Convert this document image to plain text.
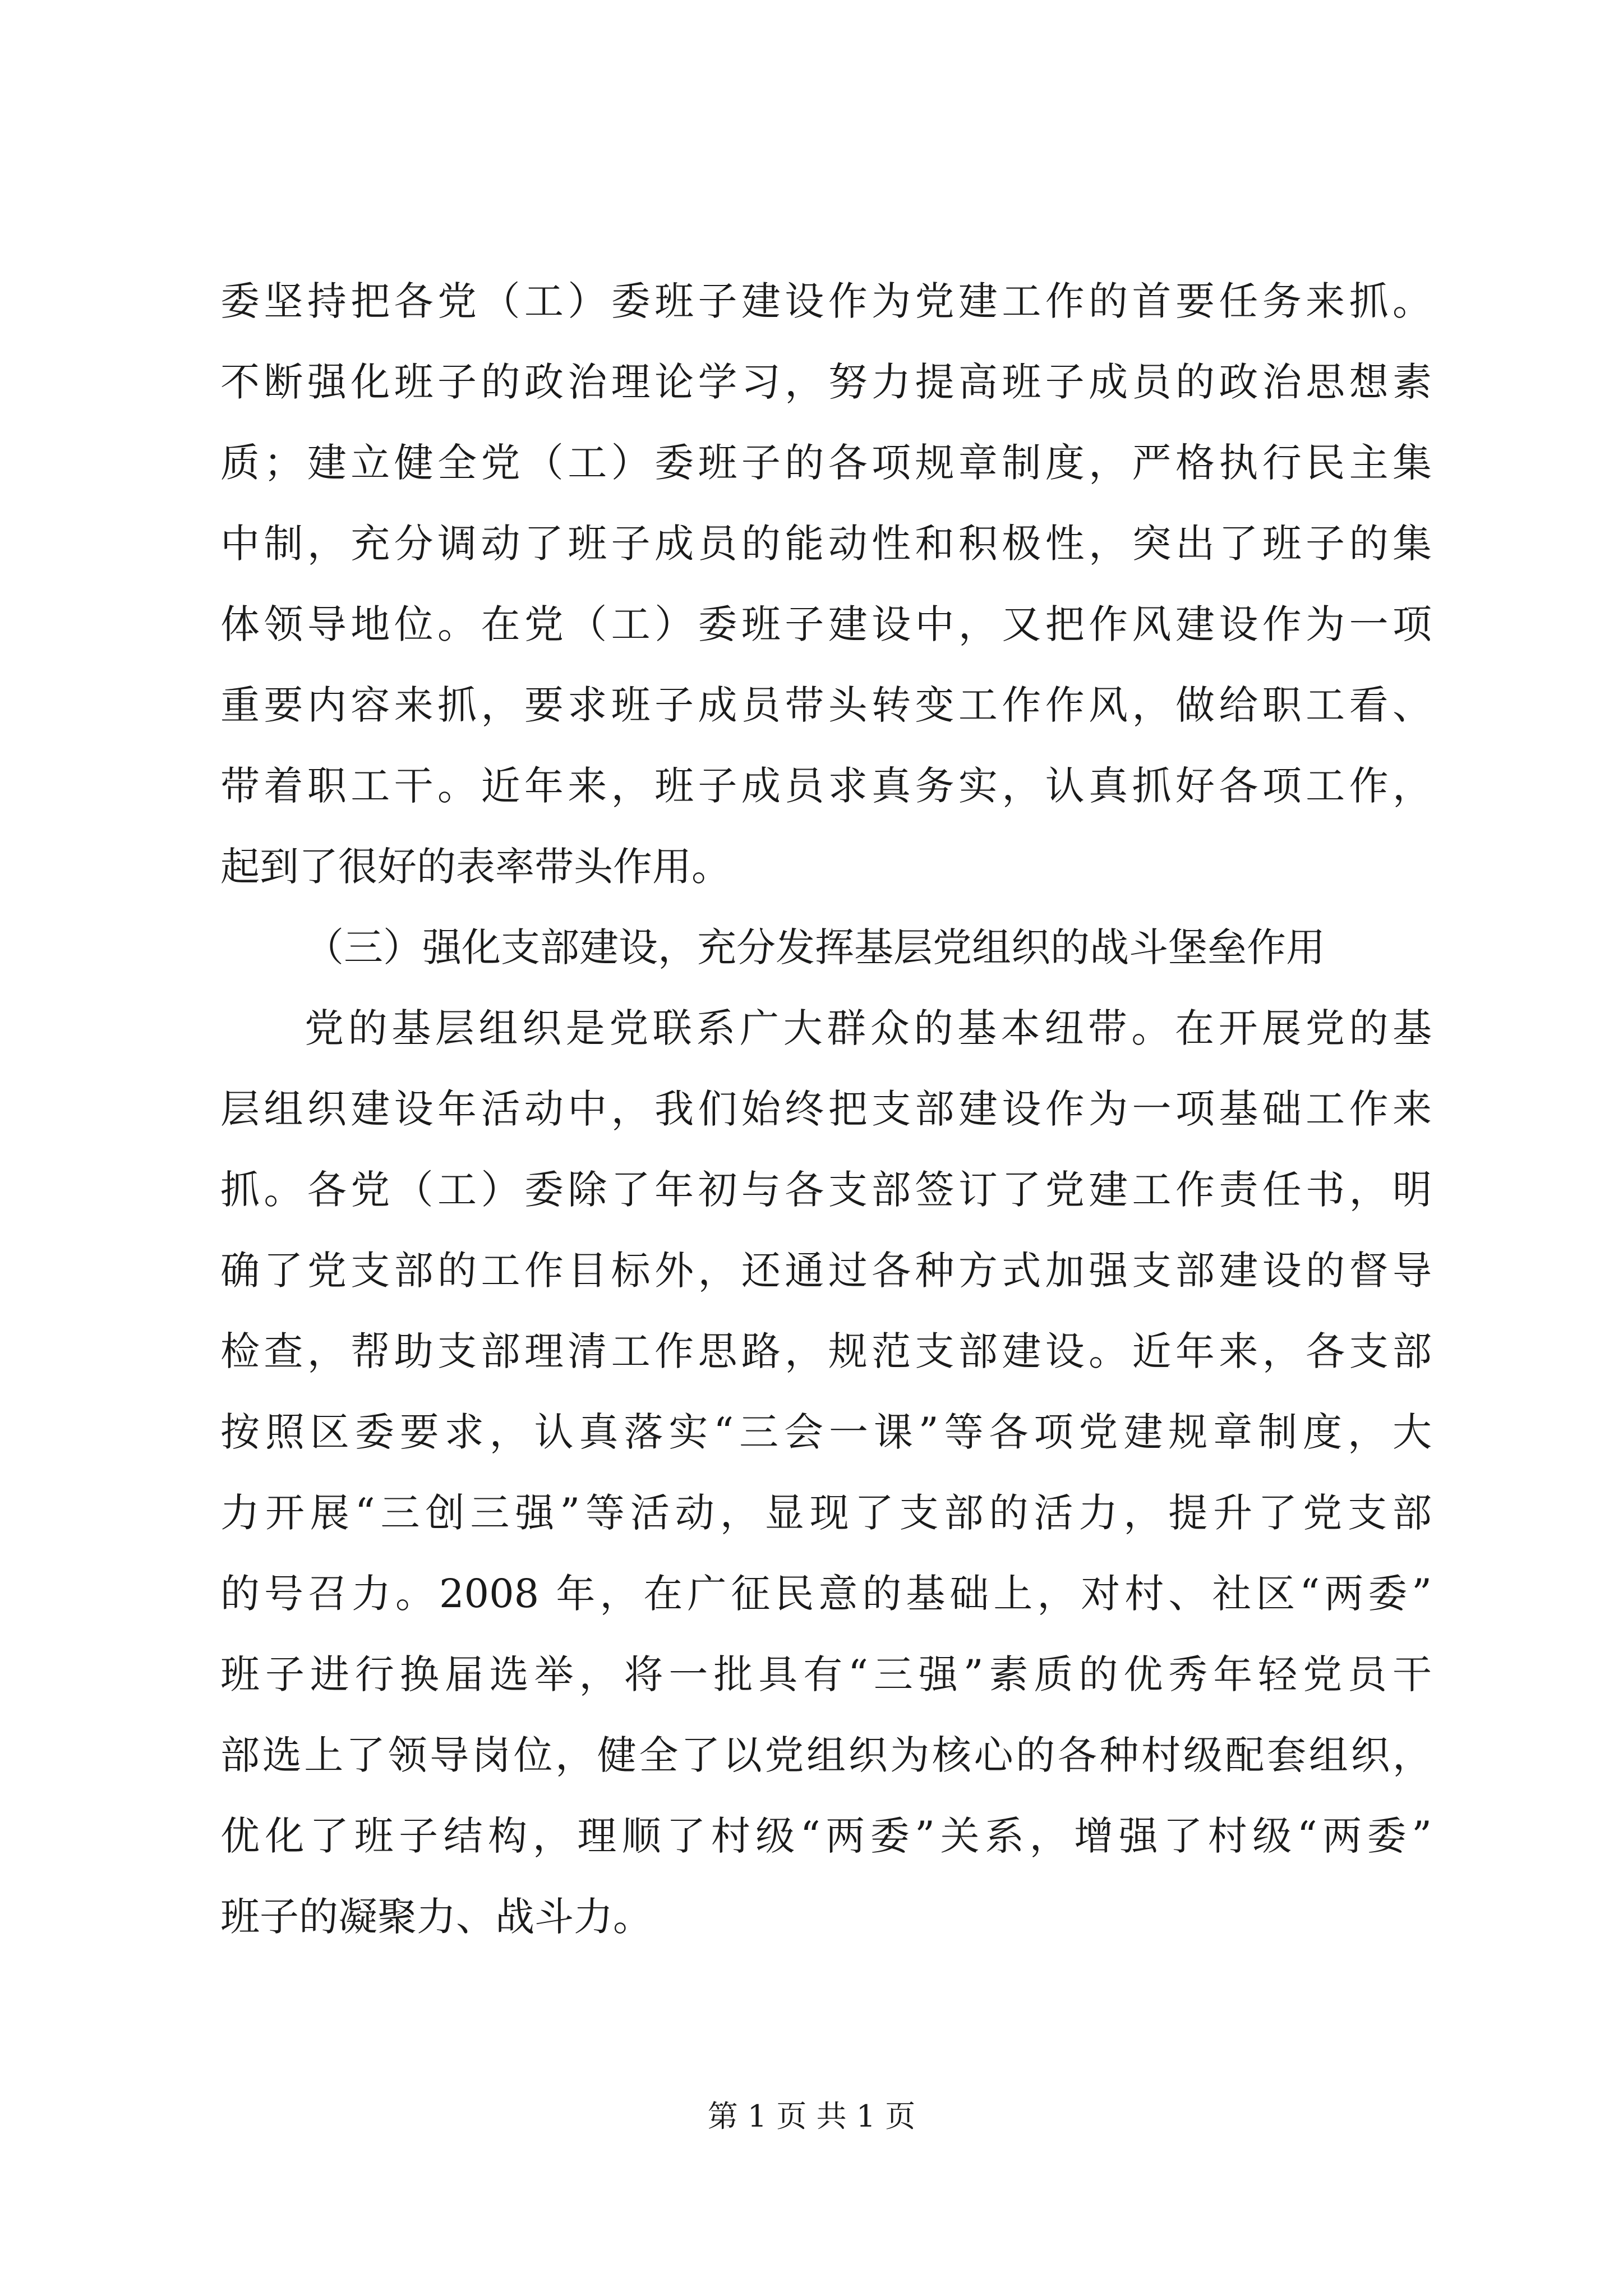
委坚持把各党（工）委班子建设作为党建工作的首要任务来抓。
不断强化班子的政治理论学习，努力提高班子成员的政治思想素
质；建立健全党（工）委班子的各项规章制度，严格执行民主集
中制，充分调动了班子成员的能动性和积极性，突出了班子的集
体领导地位。在党（工）委班子建设中，又把作风建设作为一项
重要内容来抓，要求班子成员带头转变工作作风，做给职工看、
带着职工干。近年来，班子成员求真务实，认真抓好各项工作，
起到了很好的表率带头作用。
（三）强化支部建设，充分发挥基层党组织的战斗堡垒作用
党的基层组织是党联系广大群众的基本纽带。在开展党的基
层组织建设年活动中，我们始终把支部建设作为一项基础工作来
抓。各党（工）委除了年初与各支部签订了党建工作责任书，明
确了党支部的工作目标外，还通过各种方式加强支部建设的督导
检查，帮助支部理清工作思路，规范支部建设。近年来，各支部
按照区委要求，认真落实“三会一课”等各项党建规章制度，大
力开展“三创三强”等活动，显现了支部的活力，提升了党支部
的号召力。2008 年，在广征民意的基础上，对村、社区“两委”
班子进行换届选举，将一批具有“三强”素质的优秀年轻党员干
部选上了领导岗位，健全了以党组织为核心的各种村级配套组织，
优化了班子结构，理顺了村级“两委”关系，增强了村级“两委”
班子的凝聚力、战斗力。
第 1 页 共 1 页
